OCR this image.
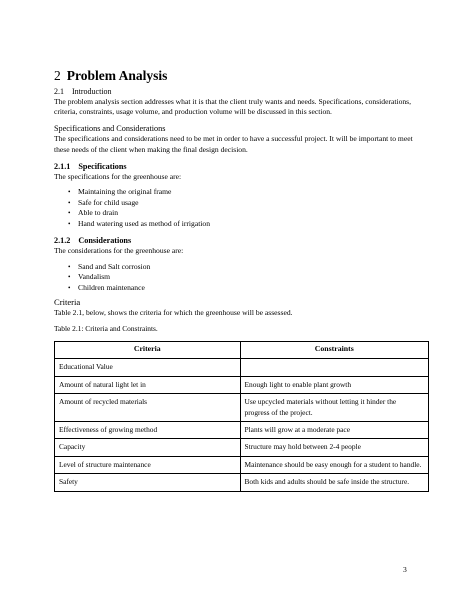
2 Problem Analysis
2.1 Introduction

The problem analysis section addresses what it is that the client truly wants and needs. Specifications, considerations, criteria, constraints, usage volume, and production volume will be discussed in this section.

Specifications and Considerations

The specifications and considerations need to be met in order to have a successful project. It will be important to meet these needs of the client when making the final design decision.

2.1.1 Specifications

The specifications for the greenhouse are:

• Maintaining the original frame
• Safe for child usage
• Able to drain
• Hand watering used as method of irrigation
2.1.2 Considerations

The considerations for the greenhouse are:

• Sand and Salt corrosion
• Vandalism
• Children maintenance
Criteria

Table 2.1, below, shows the criteria for which the greenhouse will be assessed.

Table 2.1: Criteria and Constraints.

Criteria	Constraints
Educational Value	
Amount of natural light let in	Enough light to enable plant growth
Amount of recycled materials	Use upcycled materials without letting it hinder the progress of the project.
Effectiveness of growing method	Plants will grow at a moderate pace
Capacity	Structure may hold between 2-4 people
Level of structure maintenance	Maintenance should be easy enough for a student to handle.
Safety	Both kids and adults should be safe inside the structure.
3
